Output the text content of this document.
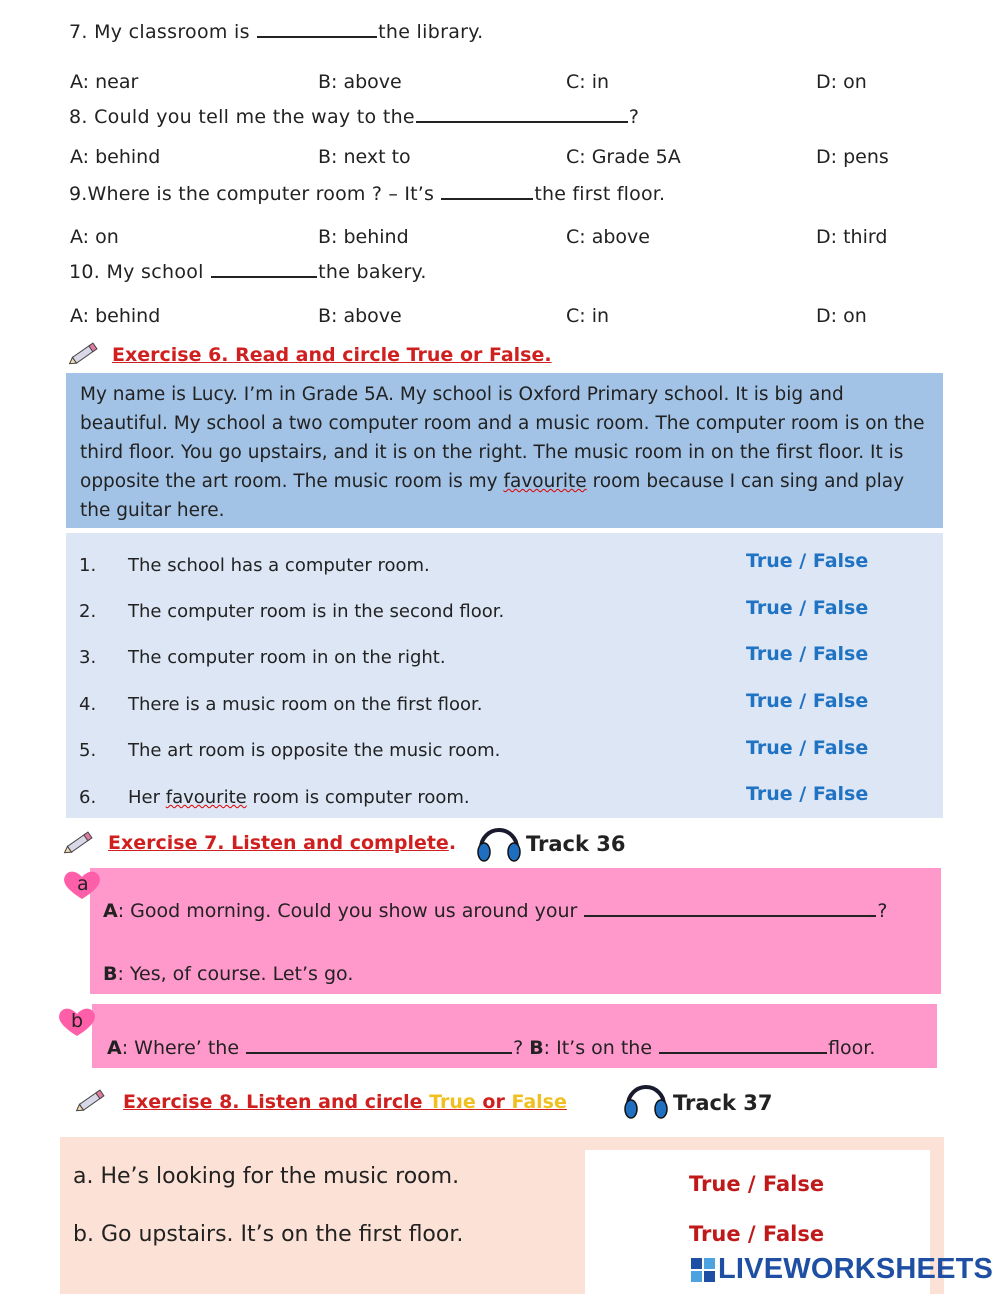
7. My classroom is	the library.
A: near	B: above	C: in	D: on
8. Could you tell me the way to the	?
A: behind	B: next to	C: Grade 5A	D: pens
9.Where is the computer room ? – It’s	the first floor.
A: on	B: behind	C: above	D: third
10. My school	the bakery.
A: behind	B: above	C: in	D: on
Exercise 6. Read and circle True or False.
My name is Lucy. I’m in Grade 5A. My school is Oxford Primary school. It is big and beautiful. My school a two computer room and a music room. The computer room is on the third floor. You go upstairs, and it is on the right. The music room in on the first floor. It is opposite the art room. The music room is my favourite room because I can sing and play the guitar here.
1. The school has a computer room.	True / False
2. The computer room is in the second floor.	True / False
3. The computer room in on the right.	True / False
4. There is a music room on the first floor.	True / False
5. The art room is opposite the music room.	True / False
6. Her favourite room is computer room.	True / False
Exercise 7. Listen and complete.	Track 36
a
A: Good morning. Could you show us around your	?
B: Yes, of course. Let’s go.
b
A: Where’ the	? B: It’s on the	floor.
Exercise 8. Listen and circle True or False	Track 37
a. He’s looking for the music room.	True / False
b. Go upstairs. It’s on the first floor.	True / False
LIVEWORKSHEETS
